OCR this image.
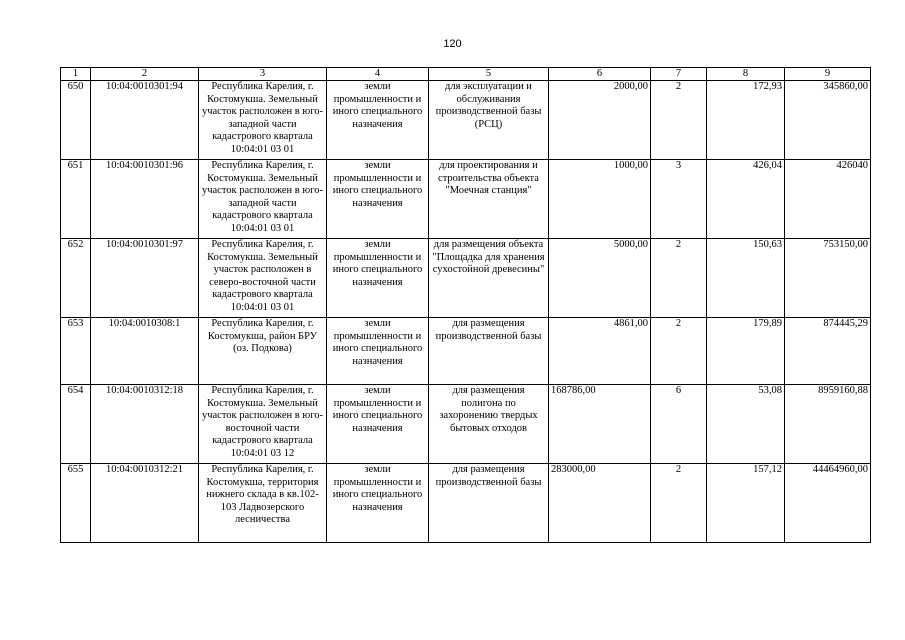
120
1	2	3	4	5	6	7	8	9
650	10:04:0010301:94	Республика Карелия, г. Костомукша. Земельный участок расположен в юго-западной части кадастрового квартала 10:04:01 03 01	земли промышленности и иного специального назначения	для эксплуатации и обслуживания производственной базы (РСЦ)	2000,00	2	172,93	345860,00
651	10:04:0010301:96	Республика Карелия, г. Костомукша. Земельный участок расположен в юго-западной части кадастрового квартала 10:04:01 03 01	земли промышленности и иного специального назначения	для проектирования и строительства объекта "Моечная станция"	1000,00	3	426,04	426040
652	10:04:0010301:97	Республика Карелия, г. Костомукша. Земельный участок расположен в северо-восточной части кадастрового квартала 10:04:01 03 01	земли промышленности и иного специального назначения	для размещения объекта "Площадка для хранения сухостойной древесины"	5000,00	2	150,63	753150,00
653	10:04:0010308:1	Республика Карелия, г. Костомукша, район БРУ (оз. Подкова)	земли промышленности и иного специального назначения	для размещения производственной базы	4861,00	2	179,89	874445,29
654	10:04:0010312:18	Республика Карелия, г. Костомукша. Земельный участок расположен в юго-восточной части кадастрового квартала 10:04:01 03 12	земли промышленности и иного специального назначения	для размещения полигона по захоронению твердых бытовых отходов	168786,00	6	53,08	8959160,88
655	10:04:0010312:21	Республика Карелия, г. Костомукша, территория нижнего склада в кв.102-103 Ладвозерского лесничества	земли промышленности и иного специального назначения	для размещения производственной базы	283000,00	2	157,12	44464960,00
